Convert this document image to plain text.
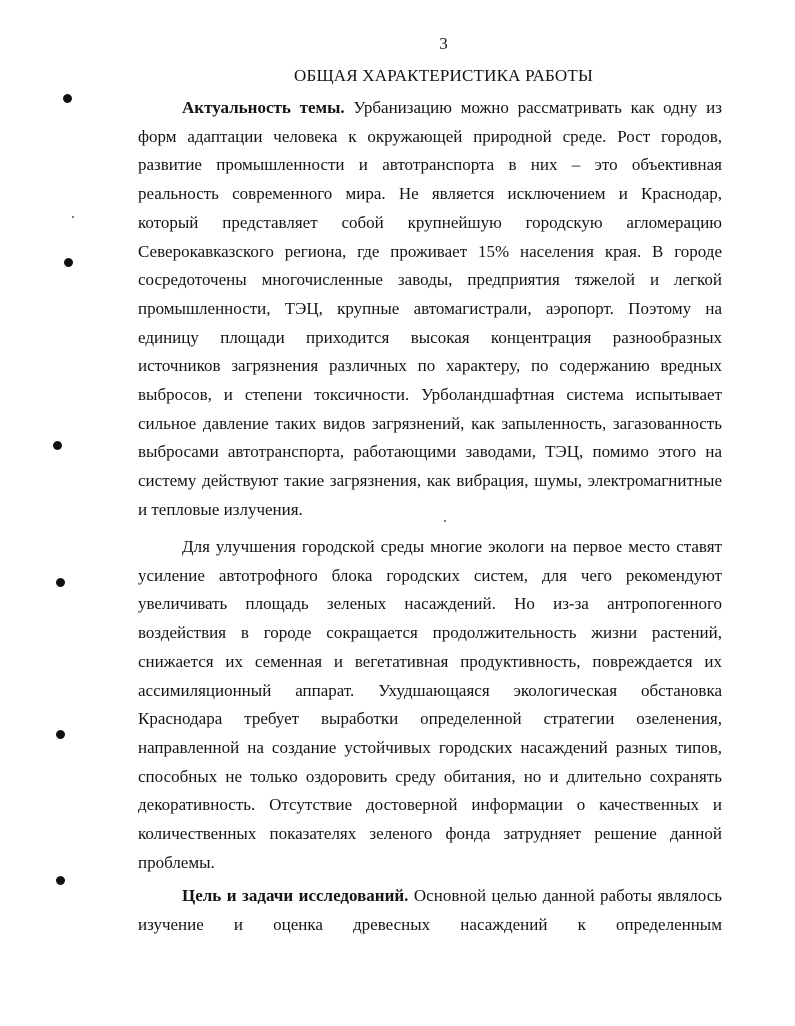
3
ОБЩАЯ ХАРАКТЕРИСТИКА РАБОТЫ

Актуальность темы. Урбанизацию можно рассматривать как одну из форм адаптации человека к окружающей природной среде. Рост городов, развитие промышленности и автотранспорта в них – это объективная реальность современного мира. Не является исключением и Краснодар, который представляет собой крупнейшую городскую агломерацию Северокавказского региона, где проживает 15% населения края. В городе сосредоточены многочисленные заводы, предприятия тяжелой и легкой промышленности, ТЭЦ, крупные автомагистрали, аэропорт. Поэтому на единицу площади приходится высокая концентрация разнообразных источников загрязнения различных по характеру, по содержанию вредных выбросов, и степени токсичности. Урболандшафтная система испытывает сильное давление таких видов загрязнений, как запыленность, загазованность выбросами автотранспорта, работающими заводами, ТЭЦ, помимо этого на систему действуют такие загрязнения, как вибрация, шумы, электромагнитные и тепловые излучения.

Для улучшения городской среды многие экологи на первое место ставят усиление автотрофного блока городских систем, для чего рекомендуют увеличивать площадь зеленых насаждений. Но из-за антропогенного воздействия в городе сокращается продолжительность жизни растений, снижается их семенная и вегетативная продуктивность, повреждается их ассимиляционный аппарат. Ухудшающаяся экологическая обстановка Краснодара требует выработки определенной стратегии озеленения, направленной на создание устойчивых городских насаждений разных типов, способных не только оздоровить среду обитания, но и длительно сохранять декоративность. Отсутствие достоверной информации о качественных и количественных показателях зеленого фонда затрудняет решение данной проблемы.

Цель и задачи исследований. Основной целью данной работы являлось изучение и оценка древесных насаждений к определенным
